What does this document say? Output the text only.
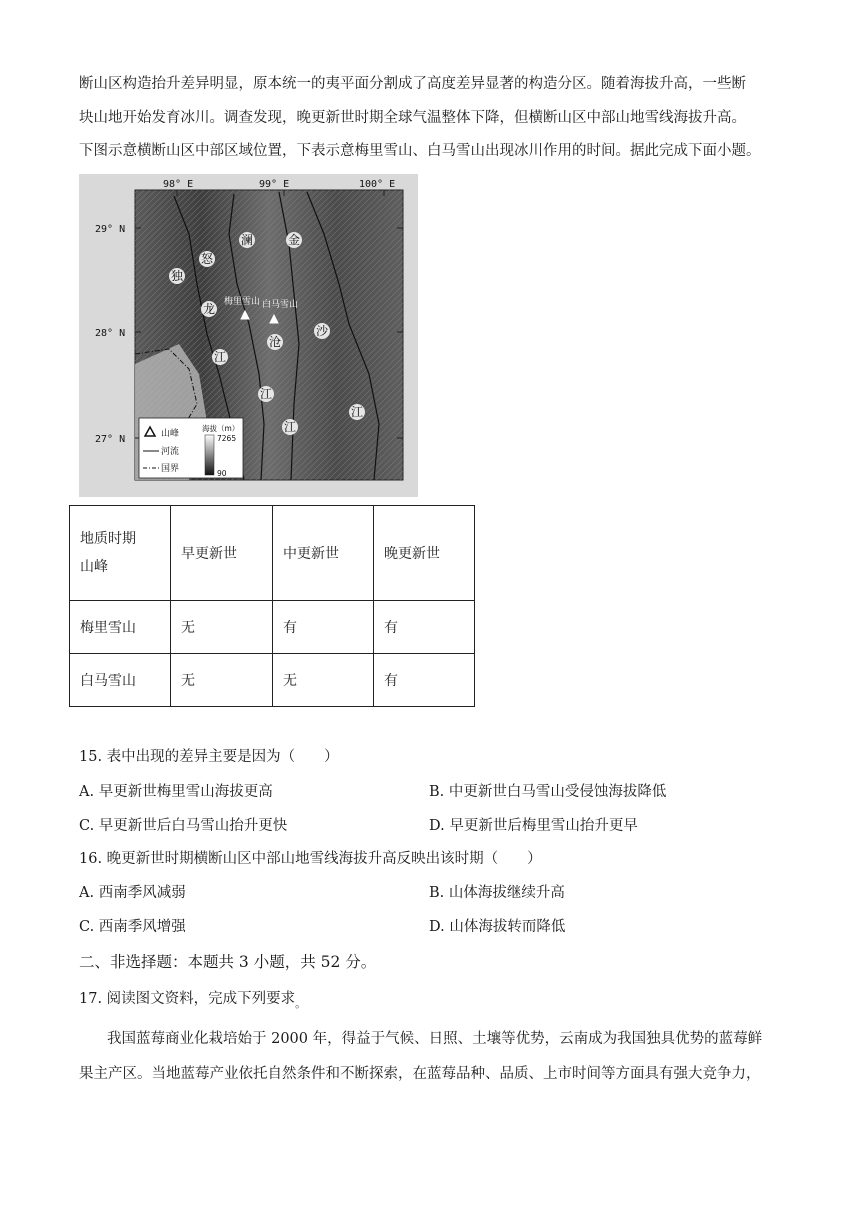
断山区构造抬升差异明显，原本统一的夷平面分割成了高度差异显著的构造分区。随着海拔升高，一些断
块山地开始发育冰川。调查发现，晚更新世时期全球气温整体下降，但横断山区中部山地雪线海拔升高。
下图示意横断山区中部区域位置，下表示意梅里雪山、白马雪山出现冰川作用的时间。据此完成下面小题。
独
龙
江
怒
江
澜
沧
江
金
沙
江
梅里雪山 白马雪山
98° E	99° E	100° E
29° N
28° N
27° N	山峰
河流
国界
海拔（m）
7265
90
地质时期
山峰	早更新世	中更新世	晚更新世
梅里雪山	无	有	有
白马雪山	无	无	有
15. 表中出现的差异主要是因为（　　）
A. 早更新世梅里雪山海拔更高	B. 中更新世白马雪山受侵蚀海拔降低
C. 早更新世后白马雪山抬升更快	D. 早更新世后梅里雪山抬升更早
16. 晚更新世时期横断山区中部山地雪线海拔升高反映出该时期（　　）
A. 西南季风减弱	B. 山体海拔继续升高
C. 西南季风增强	D. 山体海拔转而降低
二、非选择题：本题共 3 小题，共 52 分。
17. 阅读图文资料，完成下列要求$_。$
我国蓝莓商业化栽培始于 2000 年，得益于气候、日照、土壤等优势，云南成为我国独具优势的蓝莓鲜
果主产区。当地蓝莓产业依托自然条件和不断探索，在蓝莓品种、品质、上市时间等方面具有强大竞争力，
